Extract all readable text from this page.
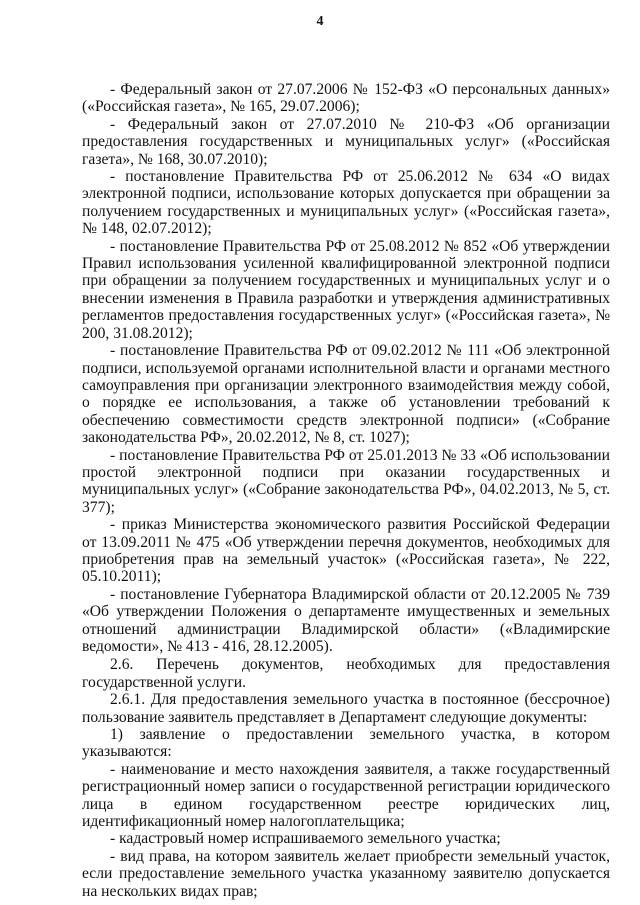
4

- Федеральный закон от 27.07.2006 № 152-ФЗ «О персональных данных» («Российская газета», № 165, 29.07.2006);

- Федеральный закон от 27.07.2010 № 210-ФЗ «Об организации предоставления государственных и муниципальных услуг» («Российская газета», № 168, 30.07.2010);

- постановление Правительства РФ от 25.06.2012 № 634 «О видах электронной подписи, использование которых допускается при обращении за получением государственных и муниципальных услуг» («Российская газета», № 148, 02.07.2012);

- постановление Правительства РФ от 25.08.2012 № 852 «Об утверждении Правил использования усиленной квалифицированной электронной подписи при обращении за получением государственных и муниципальных услуг и о внесении изменения в Правила разработки и утверждения административных регламентов предоставления государственных услуг» («Российская газета», № 200, 31.08.2012);

- постановление Правительства РФ от 09.02.2012 № 111 «Об электронной подписи, используемой органами исполнительной власти и органами местного самоуправления при организации электронного взаимодействия между собой, о порядке ее использования, а также об установлении требований к обеспечению совместимости средств электронной подписи» («Собрание законодательства РФ», 20.02.2012, № 8, ст. 1027);

- постановление Правительства РФ от 25.01.2013 № 33 «Об использовании простой электронной подписи при оказании государственных и муниципальных услуг» («Собрание законодательства РФ», 04.02.2013, № 5, ст. 377);

- приказ Министерства экономического развития Российской Федерации от 13.09.2011 № 475 «Об утверждении перечня документов, необходимых для приобретения прав на земельный участок» («Российская газета», № 222, 05.10.2011);

- постановление Губернатора Владимирской области от 20.12.2005 № 739 «Об утверждении Положения о департаменте имущественных и земельных отношений администрации Владимирской области» («Владимирские ведомости», № 413 - 416, 28.12.2005).

2.6. Перечень документов, необходимых для предоставления государственной услуги.

2.6.1. Для предоставления земельного участка в постоянное (бессрочное) пользование заявитель представляет в Департамент следующие документы:

1) заявление о предоставлении земельного участка, в котором указываются:

- наименование и место нахождения заявителя, а также государственный регистрационный номер записи о государственной регистрации юридического лица в едином государственном реестре юридических лиц, идентификационный номер налогоплательщика;

- кадастровый номер испрашиваемого земельного участка;

- вид права, на котором заявитель желает приобрести земельный участок, если предоставление земельного участка указанному заявителю допускается на нескольких видах прав;
